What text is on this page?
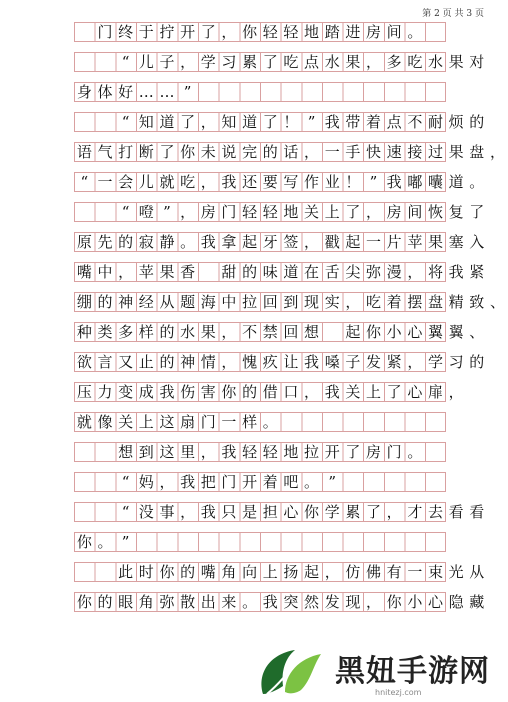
第 2 页 共 3 页

门 终 于 拧 开 了 ， 你 轻 轻 地 踏 进 房 间 。

“ 儿 子 ， 学 习 累 了 吃 点 水 果 ， 多 吃 水 果 对
身 体 好 … … ”

“ 知 道 了 ， 知 道 了 ！ ” 我 带 着 点 不 耐 烦 的
语 气 打 断 了 你 未 说 完 的 话 ， 一 手 快 速 接 过 果 盘 ，
“ 一 会 儿 就 吃 ， 我 还 要 写 作 业 ！ ” 我 嘟 囔 道 。

“ 噔 ” ， 房 门 轻 轻 地 关 上 了 ， 房 间 恢 复 了
原 先 的 寂 静 。 我 拿 起 牙 签 ， 戳 起 一 片 苹 果 塞 入
嘴 中 ， 苹 果 香
　 甜 的 味 道 在 舌 尖 弥 漫 ， 将 我 紧
绷 的 神 经 从 题 海 中 拉 回 到 现 实 ， 吃 着 摆 盘 精 致 、
种 类 多 样 的 水 果 ， 不 禁 回 想
　 起 你 小 心 翼 翼 、
欲 言 又 止 的 神 情 ， 愧 疚 让 我 嗓 子 发 紧 ， 学 习 的
压 力 变 成 我 伤 害 你 的 借 口 ， 我 关 上 了 心 扉 ，
就 像 关 上 这 扇 门 一 样 。

想 到 这 里 ， 我 轻 轻 地 拉 开 了 房 门 。

“ 妈 ， 我 把 门 开 着 吧 。 ”

“ 没 事 ， 我 只 是 担 心 你 学 累 了 ， 才 去 看 看
你 。 ”

此 时 你 的 嘴 角 向 上 扬 起 ， 仿 佛 有 一 束 光 从
你 的 眼 角 弥 散 出 来 。 我 突 然 发 现 ， 你 小 心 隐 藏
黑妞手游网
hnitezj.com
